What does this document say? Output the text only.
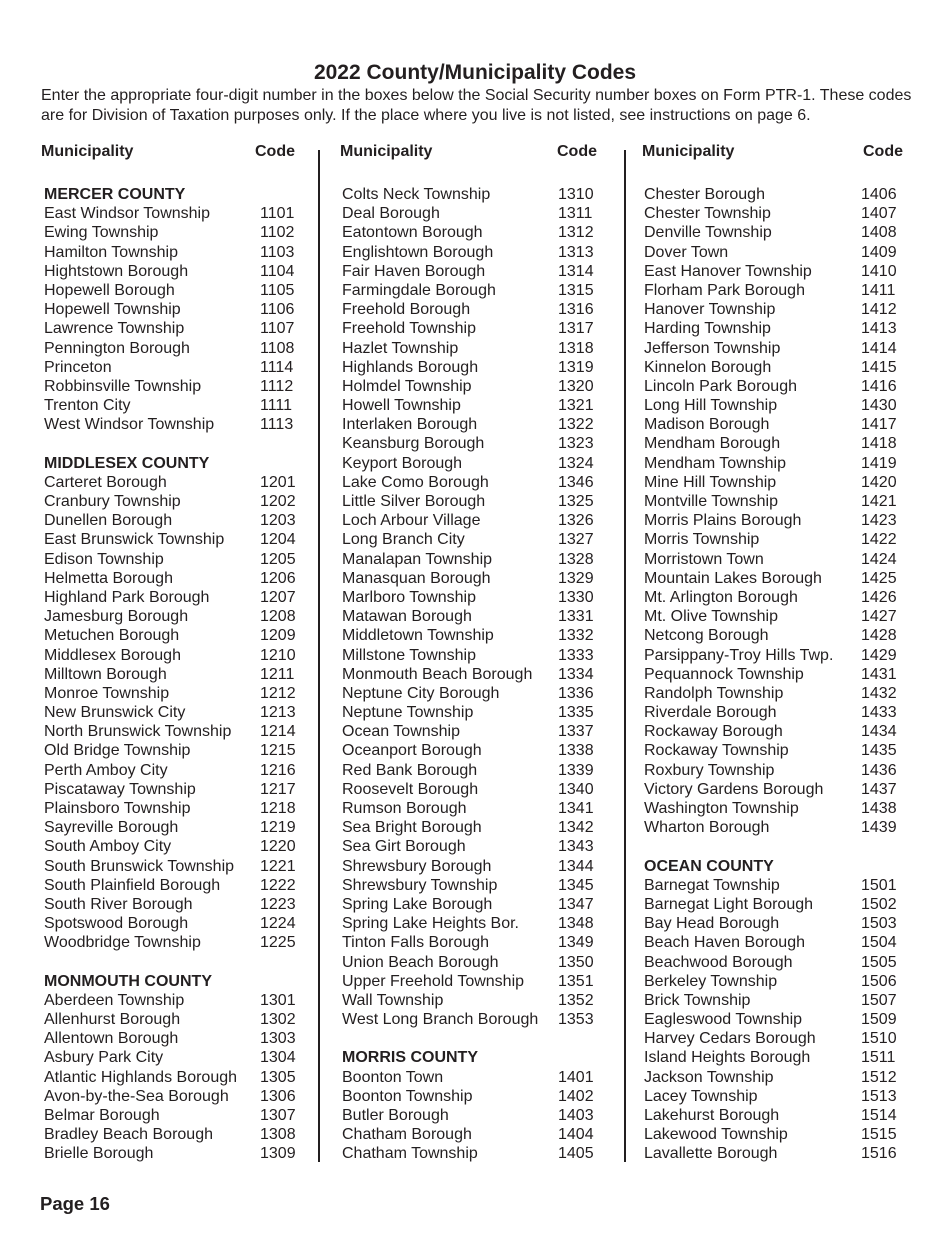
2022 County/Municipality Codes
Enter the appropriate four-digit number in the boxes below the Social Security number boxes on Form PTR-1. These codes are for Division of Taxation purposes only. If the place where you live is not listed, see instructions on page 6.
Municipality	Code
MERCER COUNTY
East Windsor Township	1101
Ewing Township	1102
Hamilton Township	1103
Hightstown Borough	1104
Hopewell Borough	1105
Hopewell Township	1106
Lawrence Township	1107
Pennington Borough	1108
Princeton	1114
Robbinsville Township	1112
Trenton City	1111
West Windsor Township	1113
MIDDLESEX COUNTY
Carteret Borough	1201
Cranbury Township	1202
Dunellen Borough	1203
East Brunswick Township 1204
Edison Township	1205
Helmetta Borough	1206
Highland Park Borough	1207
Jamesburg Borough	1208
Metuchen Borough	1209
Middlesex Borough	1210
Milltown Borough	1211
Monroe Township	1212
New Brunswick City	1213
North Brunswick Township 1214
Old Bridge Township	1215
Perth Amboy City	1216
Piscataway Township	1217
Plainsboro Township	1218
Sayreville Borough	1219
South Amboy City	1220
South Brunswick Township 1221
South Plainfield Borough 1222
South River Borough	1223
Spotswood Borough	1224
Woodbridge Township	1225
MONMOUTH COUNTY
Aberdeen Township	1301
Allenhurst Borough	1302
Allentown Borough	1303
Asbury Park City	1304
Atlantic Highlands Borough 1305
Avon-by-the-Sea Borough 1306
Belmar Borough	1307
Bradley Beach Borough	1308
Brielle Borough	1309
Municipality	Code
Colts Neck Township	1310
Deal Borough	1311
Eatontown Borough	1312
Englishtown Borough	1313
Fair Haven Borough	1314
Farmingdale Borough	1315
Freehold Borough	1316
Freehold Township	1317
Hazlet Township	1318
Highlands Borough	1319
Holmdel Township	1320
Howell Township	1321
Interlaken Borough	1322
Keansburg Borough	1323
Keyport Borough	1324
Lake Como Borough	1346
Little Silver Borough	1325
Loch Arbour Village	1326
Long Branch City	1327
Manalapan Township	1328
Manasquan Borough	1329
Marlboro Township	1330
Matawan Borough	1331
Middletown Township	1332
Millstone Township	1333
Monmouth Beach Borough 1334
Neptune City Borough	1336
Neptune Township	1335
Ocean Township	1337
Oceanport Borough	1338
Red Bank Borough	1339
Roosevelt Borough	1340
Rumson Borough	1341
Sea Bright Borough	1342
Sea Girt Borough	1343
Shrewsbury Borough	1344
Shrewsbury Township	1345
Spring Lake Borough	1347
Spring Lake Heights Bor. 1348
Tinton Falls Borough	1349
Union Beach Borough	1350
Upper Freehold Township 1351
Wall Township	1352
West Long Branch Borough 1353
MORRIS COUNTY
Boonton Town	1401
Boonton Township	1402
Butler Borough	1403
Chatham Borough	1404
Chatham Township	1405
Municipality	Code
Chester Borough	1406
Chester Township	1407
Denville Township	1408
Dover Town	1409
East Hanover Township	1410
Florham Park Borough	1411
Hanover Township	1412
Harding Township	1413
Jefferson Township	1414
Kinnelon Borough	1415
Lincoln Park Borough	1416
Long Hill Township	1430
Madison Borough	1417
Mendham Borough	1418
Mendham Township	1419
Mine Hill Township	1420
Montville Township	1421
Morris Plains Borough	1423
Morris Township	1422
Morristown Town	1424
Mountain Lakes Borough 1425
Mt. Arlington Borough	1426
Mt. Olive Township	1427
Netcong Borough	1428
Parsippany-Troy Hills Twp. 1429
Pequannock Township	1431
Randolph Township	1432
Riverdale Borough	1433
Rockaway Borough	1434
Rockaway Township	1435
Roxbury Township	1436
Victory Gardens Borough 1437
Washington Township	1438
Wharton Borough	1439
OCEAN COUNTY
Barnegat Township	1501
Barnegat Light Borough	1502
Bay Head Borough	1503
Beach Haven Borough	1504
Beachwood Borough	1505
Berkeley Township	1506
Brick Township	1507
Eagleswood Township	1509
Harvey Cedars Borough	1510
Island Heights Borough	1511
Jackson Township	1512
Lacey Township	1513
Lakehurst Borough	1514
Lakewood Township	1515
Lavallette Borough	1516
Page 16
